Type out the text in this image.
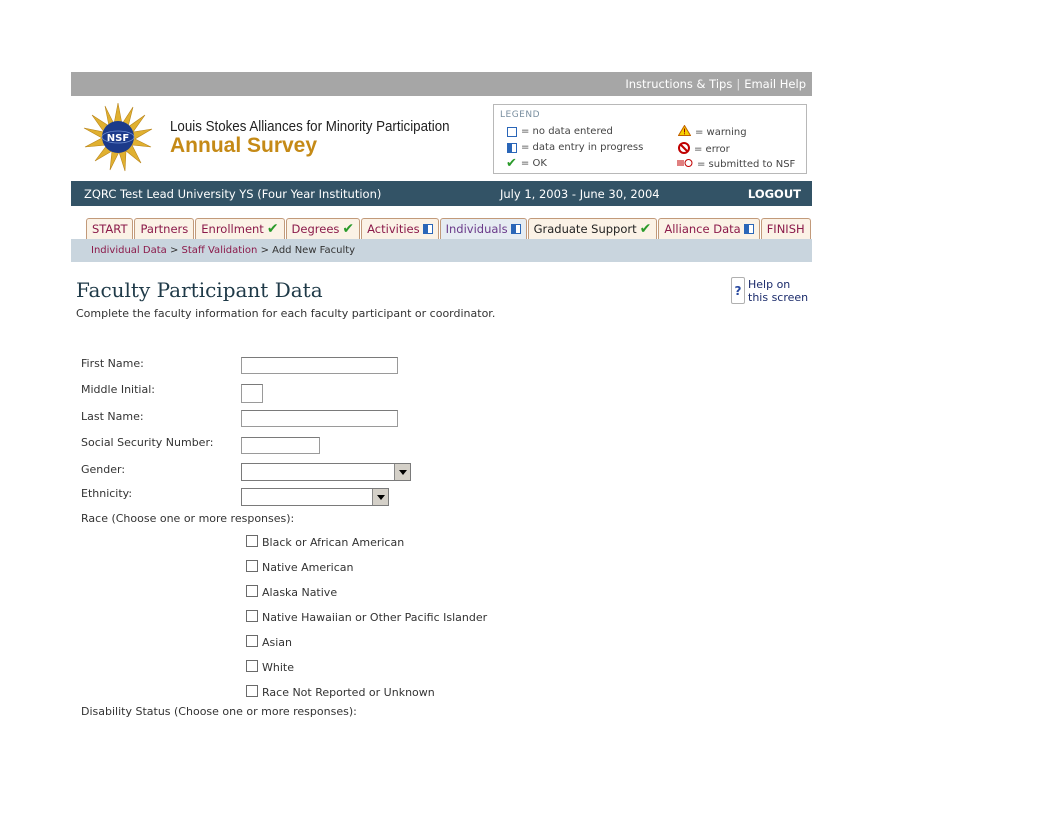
Instructions & Tips | Email Help
NSF
Louis Stokes Alliances for Minority Participation
Annual Survey
LEGEND
= no data entered
= data entry in progress
✔ = OK
= warning
= error
= submitted to NSF
ZQRC Test Lead University YS (Four Year Institution)	July 1, 2003 - June 30, 2004	LOGOUT
START Partners Enrollment ✔ Degrees ✔ Activities Individuals Graduate Support ✔ Alliance Data FINISH
Individual Data > Staff Validation > Add New Faculty
Faculty Participant Data
Complete the faculty information for each faculty participant or coordinator.
? Help on
this screen
First Name:
Middle Initial:
Last Name:
Social Security Number:
Gender:
Ethnicity:
Race (Choose one or more responses):
Black or African American
Native American
Alaska Native
Native Hawaiian or Other Pacific Islander
Asian
White
Race Not Reported or Unknown
Disability Status (Choose one or more responses):
